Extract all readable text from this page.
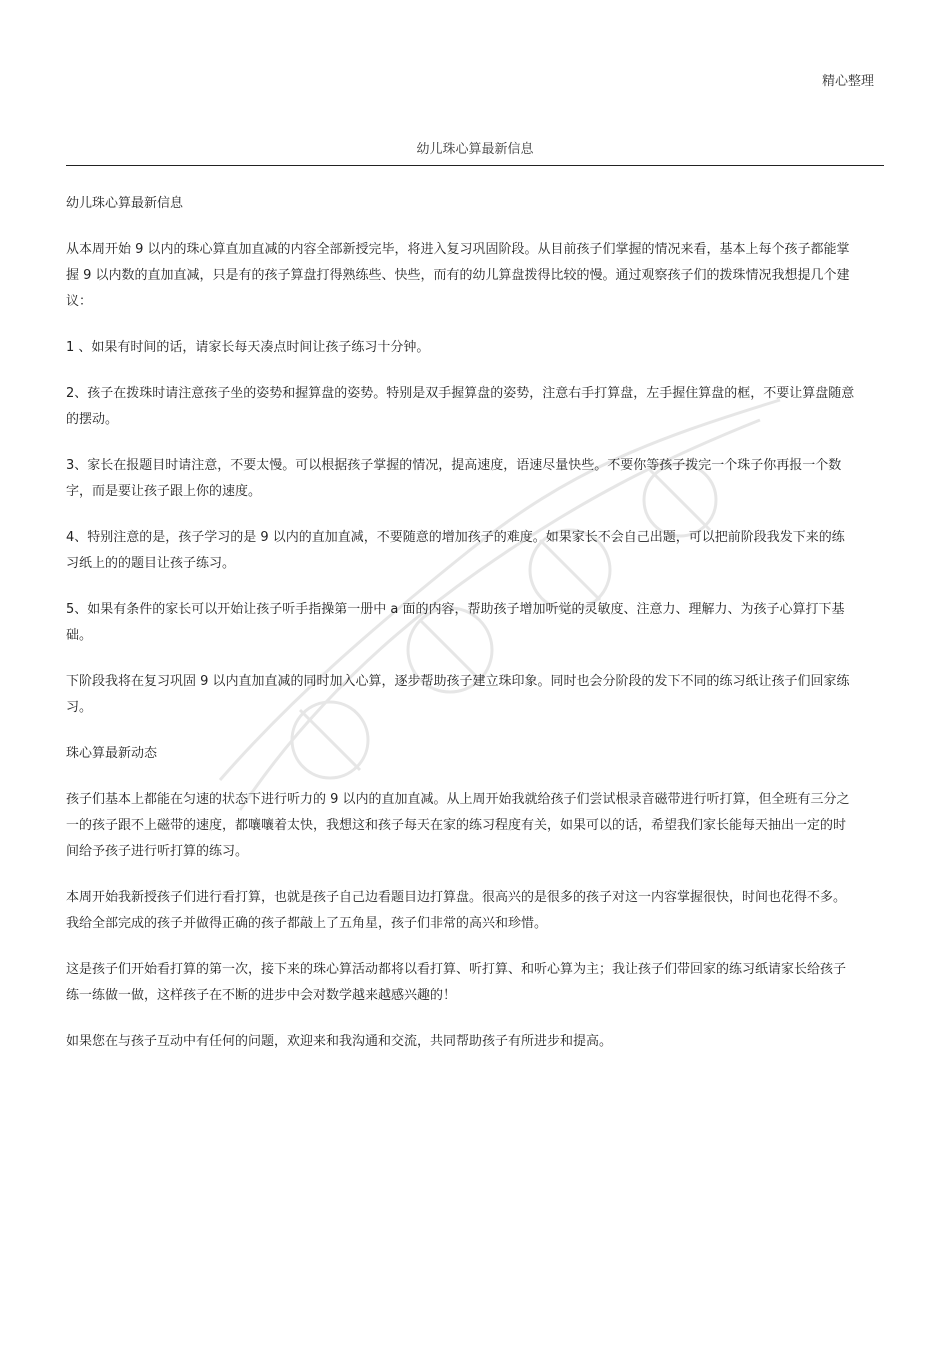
精心整理
幼儿珠心算最新信息

幼儿珠心算最新信息

从本周开始 9 以内的珠心算直加直减的内容全部新授完毕，将进入复习巩固阶段。从目前孩子们掌握的情况来看，基本上每个孩子都能掌握 9 以内数的直加直减，只是有的孩子算盘打得熟练些、快些，而有的幼儿算盘拨得比较的慢。通过观察孩子们的拨珠情况我想提几个建议：

1 、如果有时间的话，请家长每天凑点时间让孩子练习十分钟。

2、孩子在拨珠时请注意孩子坐的姿势和握算盘的姿势。特别是双手握算盘的姿势，注意右手打算盘，左手握住算盘的框，不要让算盘随意的摆动。

3、家长在报题目时请注意，不要太慢。可以根据孩子掌握的情况，提高速度，语速尽量快些。不要你等孩子拨完一个珠子你再报一个数字，而是要让孩子跟上你的速度。

4、特别注意的是，孩子学习的是 9 以内的直加直减，不要随意的增加孩子的难度。如果家长不会自己出题，可以把前阶段我发下来的练习纸上的的题目让孩子练习。

5、如果有条件的家长可以开始让孩子听手指操第一册中 a 面的内容，帮助孩子增加听觉的灵敏度、注意力、理解力、为孩子心算打下基础。

下阶段我将在复习巩固 9 以内直加直减的同时加入心算，逐步帮助孩子建立珠印象。同时也会分阶段的发下不同的练习纸让孩子们回家练习。

珠心算最新动态

孩子们基本上都能在匀速的状态下进行听力的 9 以内的直加直减。从上周开始我就给孩子们尝试根录音磁带进行听打算，但全班有三分之一的孩子跟不上磁带的速度，都嚷嚷着太快，我想这和孩子每天在家的练习程度有关，如果可以的话，希望我们家长能每天抽出一定的时间给予孩子进行听打算的练习。

本周开始我新授孩子们进行看打算，也就是孩子自己边看题目边打算盘。很高兴的是很多的孩子对这一内容掌握很快，时间也花得不多。我给全部完成的孩子并做得正确的孩子都敲上了五角星，孩子们非常的高兴和珍惜。

这是孩子们开始看打算的第一次，接下来的珠心算活动都将以看打算、听打算、和听心算为主；我让孩子们带回家的练习纸请家长给孩子练一练做一做，这样孩子在不断的进步中会对数学越来越感兴趣的！

如果您在与孩子互动中有任何的问题，欢迎来和我沟通和交流，共同帮助孩子有所进步和提高。
